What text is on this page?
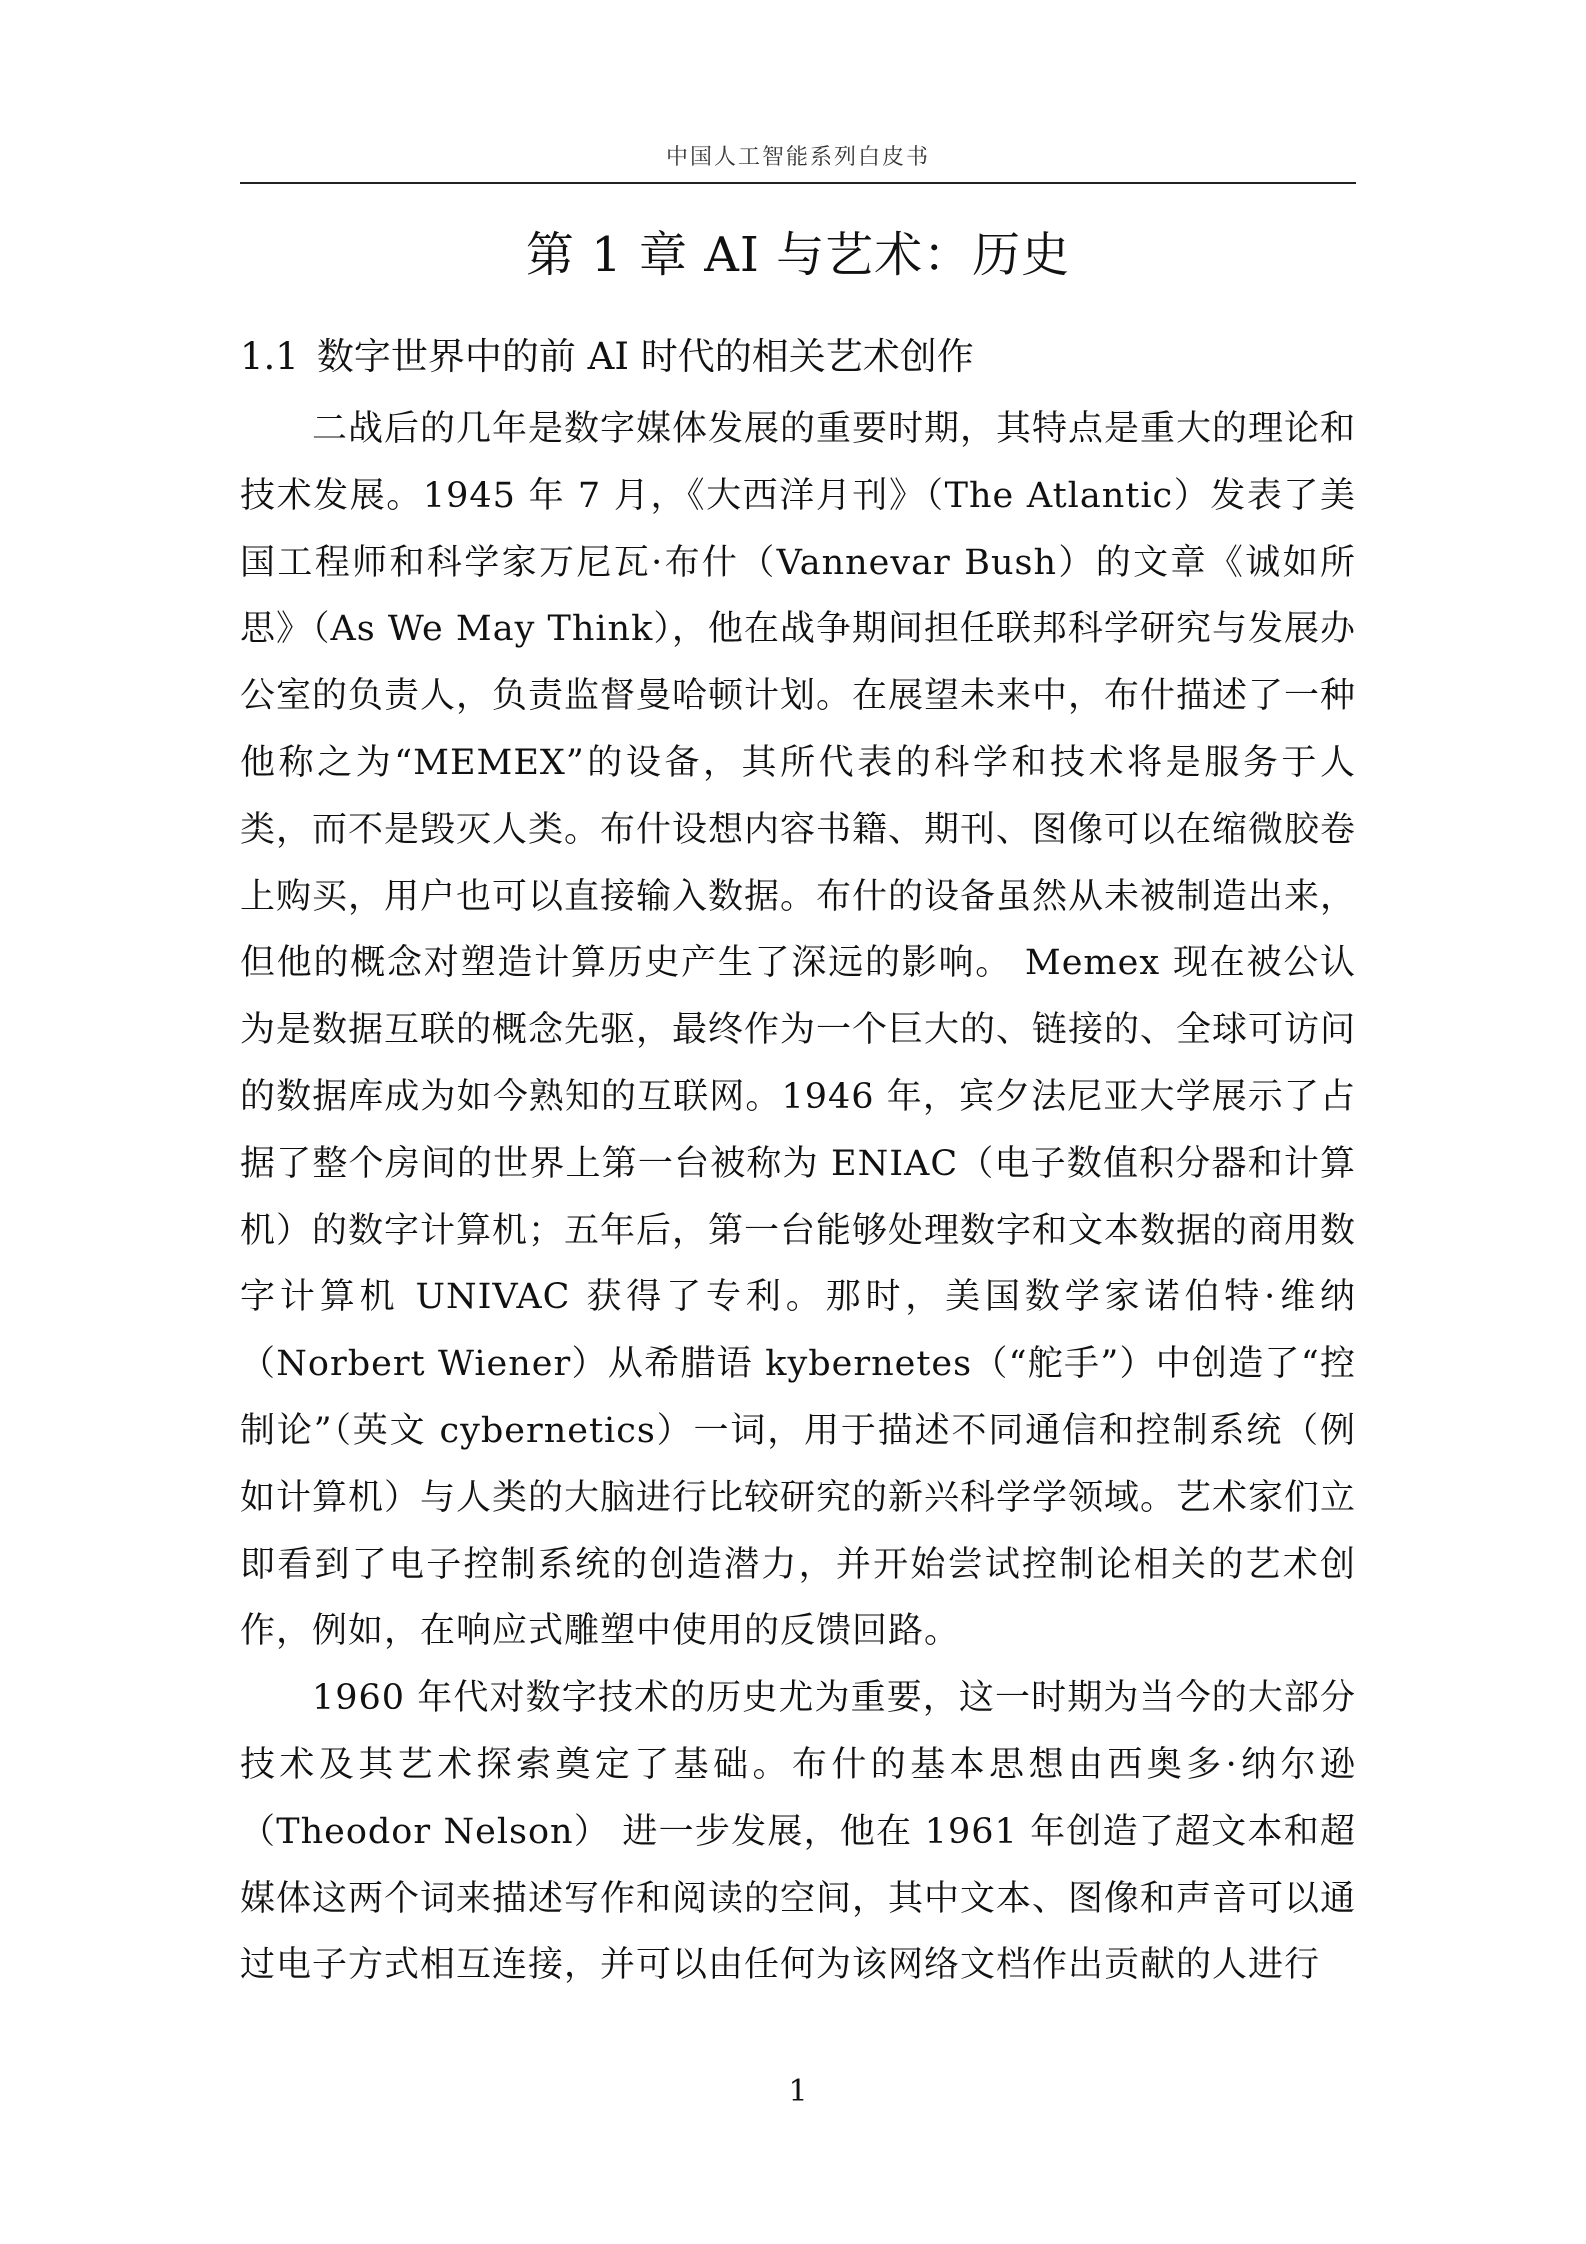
中国人工智能系列白皮书
第 1 章 AI 与艺术：历史
1.1 数字世界中的前 AI 时代的相关艺术创作

二战后的几年是数字媒体发展的重要时期，其特点是重大的理论和技术发展。1945 年 7 月，《大西洋月刊》（The Atlantic）发表了美国工程师和科学家万尼瓦·布什（Vannevar Bush）的文章《诚如所思》（As We May Think），他在战争期间担任联邦科学研究与发展办公室的负责人，负责监督曼哈顿计划。在展望未来中，布什描述了一种他称之为“MEMEX”的设备，其所代表的科学和技术将是服务于人类，而不是毁灭人类。布什设想内容书籍、期刊、图像可以在缩微胶卷上购买，用户也可以直接输入数据。布什的设备虽然从未被制造出来，但他的概念对塑造计算历史产生了深远的影响。 Memex 现在被公认为是数据互联的概念先驱，最终作为一个巨大的、链接的、全球可访问的数据库成为如今熟知的互联网。1946 年，宾夕法尼亚大学展示了占据了整个房间的世界上第一台被称为 ENIAC（电子数值积分器和计算机）的数字计算机；五年后，第一台能够处理数字和文本数据的商用数字计算机 UNIVAC 获得了专利。那时，美国数学家诺伯特·维纳（Norbert Wiener）从希腊语 kybernetes（“舵手”）中创造了“控制论”（英文 cybernetics）一词，用于描述不同通信和控制系统（例如计算机）与人类的大脑进行比较研究的新兴科学学领域。艺术家们立即看到了电子控制系统的创造潜力，并开始尝试控制论相关的艺术创作，例如，在响应式雕塑中使用的反馈回路。

1960 年代对数字技术的历史尤为重要，这一时期为当今的大部分技术及其艺术探索奠定了基础。布什的基本思想由西奥多·纳尔逊（Theodor Nelson） 进一步发展，他在 1961 年创造了超文本和超媒体这两个词来描述写作和阅读的空间，其中文本、图像和声音可以通过电子方式相互连接，并可以由任何为该网络文档作出贡献的人进行

1
